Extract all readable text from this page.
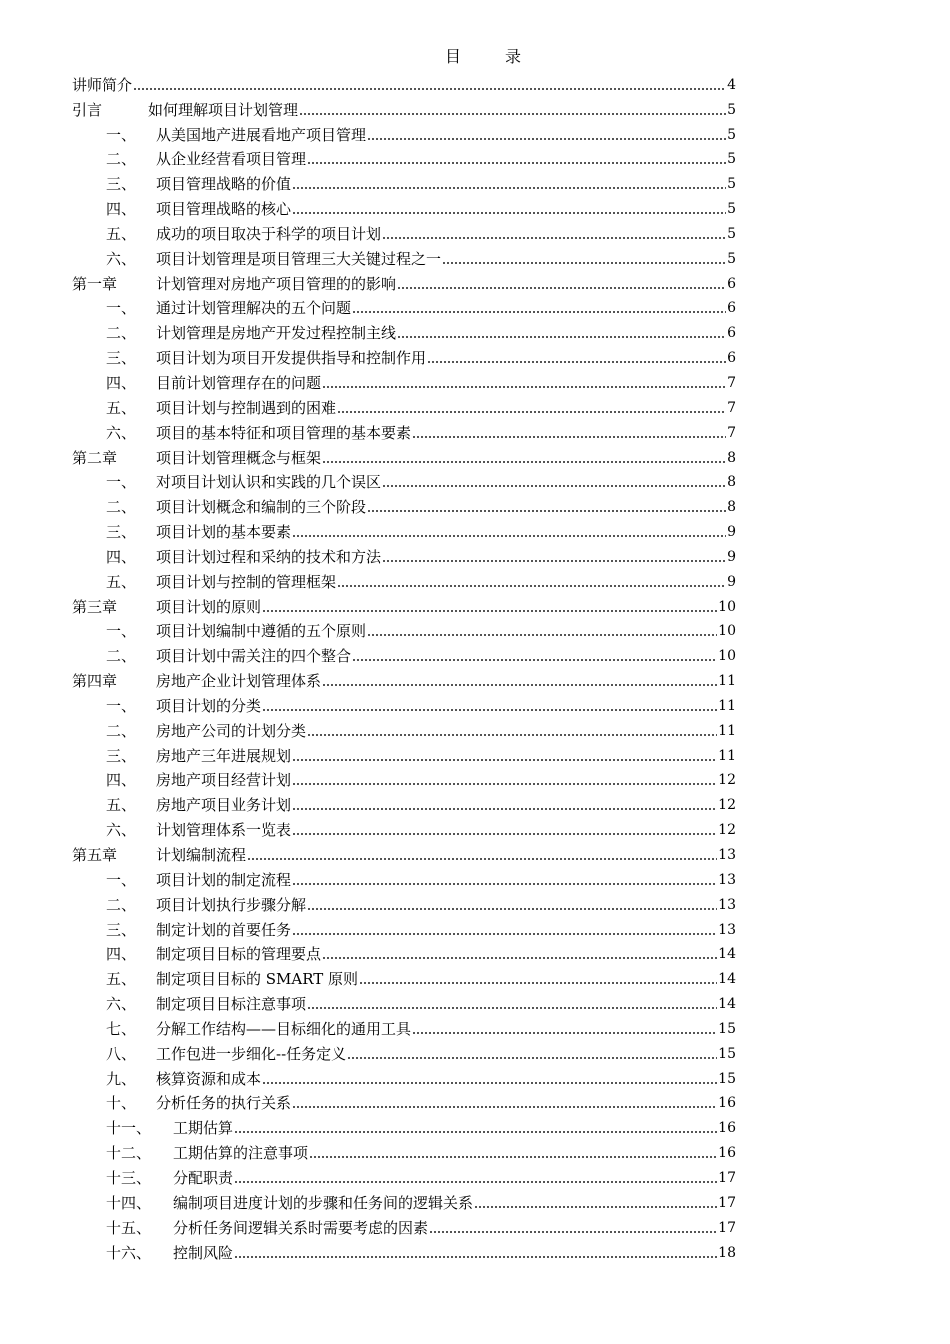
目　录
讲师简介	4
引言	如何理解项目计划管理	5
一、	从美国地产进展看地产项目管理	5
二、	从企业经营看项目管理	5
三、	项目管理战略的价值	5
四、	项目管理战略的核心	5
五、	成功的项目取决于科学的项目计划	5
六、	项目计划管理是项目管理三大关键过程之一	5
第一章	计划管理对房地产项目管理的的影响	6
一、	通过计划管理解决的五个问题	6
二、	计划管理是房地产开发过程控制主线	6
三、	项目计划为项目开发提供指导和控制作用	6
四、	目前计划管理存在的问题	7
五、	项目计划与控制遇到的困难	7
六、	项目的基本特征和项目管理的基本要素	7
第二章	项目计划管理概念与框架	8
一、	对项目计划认识和实践的几个误区	8
二、	项目计划概念和编制的三个阶段	8
三、	项目计划的基本要素	9
四、	项目计划过程和采纳的技术和方法	9
五、	项目计划与控制的管理框架	9
第三章	项目计划的原则	10
一、	项目计划编制中遵循的五个原则	10
二、	项目计划中需关注的四个整合	10
第四章	房地产企业计划管理体系	11
一、	项目计划的分类	11
二、	房地产公司的计划分类	11
三、	房地产三年进展规划	11
四、	房地产项目经营计划	12
五、	房地产项目业务计划	12
六、	计划管理体系一览表	12
第五章	计划编制流程	13
一、	项目计划的制定流程	13
二、	项目计划执行步骤分解	13
三、	制定计划的首要任务	13
四、	制定项目目标的管理要点	14
五、	制定项目目标的 SMART 原则	14
六、	制定项目目标注意事项	14
七、	分解工作结构——目标细化的通用工具	15
八、	工作包进一步细化--任务定义	15
九、	核算资源和成本	15
十、	分析任务的执行关系	16
十一、	工期估算	16
十二、	工期估算的注意事项	16
十三、	分配职责	17
十四、	编制项目进度计划的步骤和任务间的逻辑关系	17
十五、	分析任务间逻辑关系时需要考虑的因素	17
十六、	控制风险	18
